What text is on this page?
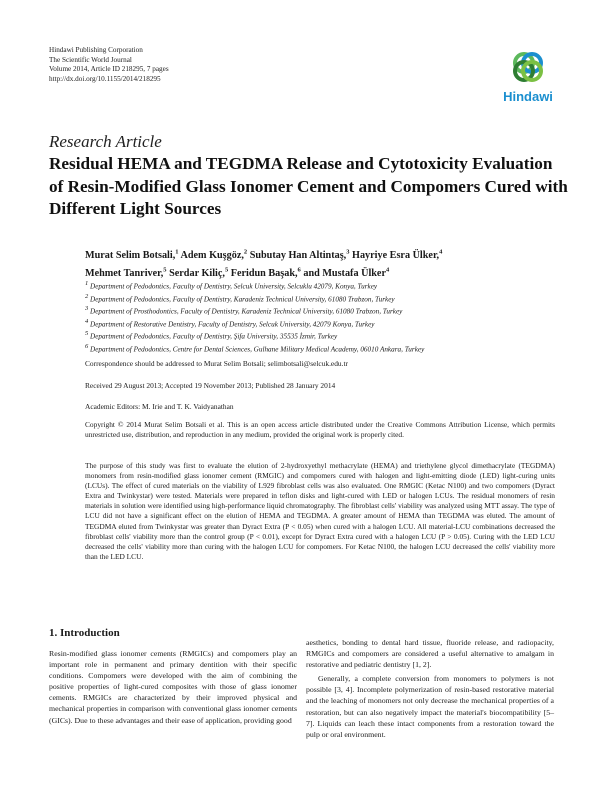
Hindawi Publishing Corporation
The Scientific World Journal
Volume 2014, Article ID 218295, 7 pages
http://dx.doi.org/10.1155/2014/218295
Hindawi
Research Article
Residual HEMA and TEGDMA Release and Cytotoxicity Evaluation of Resin-Modified Glass Ionomer Cement and Compomers Cured with Different Light Sources
Murat Selim Botsali,$^1$ Adem Kuşgöz,$^2$ Subutay Han Altintaş,$^3$ Hayriye Esra Ülker,$^4$
Mehmet Tanriver,$^5$ Serdar Kiliç,$^5$ Feridun Başak,$^6$ and Mustafa Ülker$^4$
$^1$ Department of Pedodontics, Faculty of Dentistry, Selcuk University, Selcuklu 42079, Konya, Turkey
$^2$ Department of Pedodontics, Faculty of Dentistry, Karadeniz Technical University, 61080 Trabzon, Turkey
$^3$ Department of Prosthodontics, Faculty of Dentistry, Karadeniz Technical University, 61080 Trabzon, Turkey
$^4$ Department of Restorative Dentistry, Faculty of Dentistry, Selcuk University, 42079 Konya, Turkey
$^5$ Department of Pedodontics, Faculty of Dentistry, Şifa University, 35535 İzmir, Turkey
$^6$ Department of Pedodontics, Centre for Dental Sciences, Gulhane Military Medical Academy, 06010 Ankara, Turkey
Correspondence should be addressed to Murat Selim Botsali; selimbotsali@selcuk.edu.tr
Received 29 August 2013; Accepted 19 November 2013; Published 28 January 2014
Academic Editors: M. Irie and T. K. Vaidyanathan
Copyright © 2014 Murat Selim Botsali et al. This is an open access article distributed under the Creative Commons Attribution License, which permits unrestricted use, distribution, and reproduction in any medium, provided the original work is properly cited.
The purpose of this study was first to evaluate the elution of 2-hydroxyethyl methacrylate (HEMA) and triethylene glycol dimethacrylate (TEGDMA) monomers from resin-modified glass ionomer cement (RMGIC) and compomers cured with halogen and light-emitting diode (LED) light-curing units (LCUs). The effect of cured materials on the viability of L929 fibroblast cells was also evaluated. One RMGIC (Ketac N100) and two compomers (Dyract Extra and Twinkystar) were tested. Materials were prepared in teflon disks and light-cured with LED or halogen LCUs. The residual monomers of resin materials in solution were identified using high-performance liquid chromatography. The fibroblast cells' viability was analyzed using MTT assay. The type of LCU did not have a significant effect on the elution of HEMA and TEGDMA. A greater amount of HEMA than TEGDMA was eluted. The amount of TEGDMA eluted from Twinkystar was greater than Dyract Extra (P < 0.05) when cured with a halogen LCU. All material-LCU combinations decreased the fibroblast cells' viability more than the control group (P < 0.01), except for Dyract Extra cured with a halogen LCU (P > 0.05). Curing with the LED LCU decreased the cells' viability more than curing with the halogen LCU for compomers. For Ketac N100, the halogen LCU decreased the cells' viability more than the LED LCU.
1. Introduction

Resin-modified glass ionomer cements (RMGICs) and compomers play an important role in permanent and primary dentition with their specific conditions. Compomers were developed with the aim of combining the positive properties of light-cured composites with those of glass ionomer cements. RMGICs are characterized by their improved physical and mechanical properties in comparison with conventional glass ionomer cements (GICs). Due to these advantages and their ease of application, providing good

aesthetics, bonding to dental hard tissue, fluoride release, and radiopacity, RMGICs and compomers are considered a useful alternative to amalgam in restorative and pediatric dentistry [1, 2].

Generally, a complete conversion from monomers to polymers is not possible [3, 4]. Incomplete polymerization of resin-based restorative material and the leaching of monomers not only decrease the mechanical properties of a restoration, but can also negatively impact the material's biocompatibility [5–7]. Liquids can leach these intact components from a restoration toward the pulp or oral environment.
